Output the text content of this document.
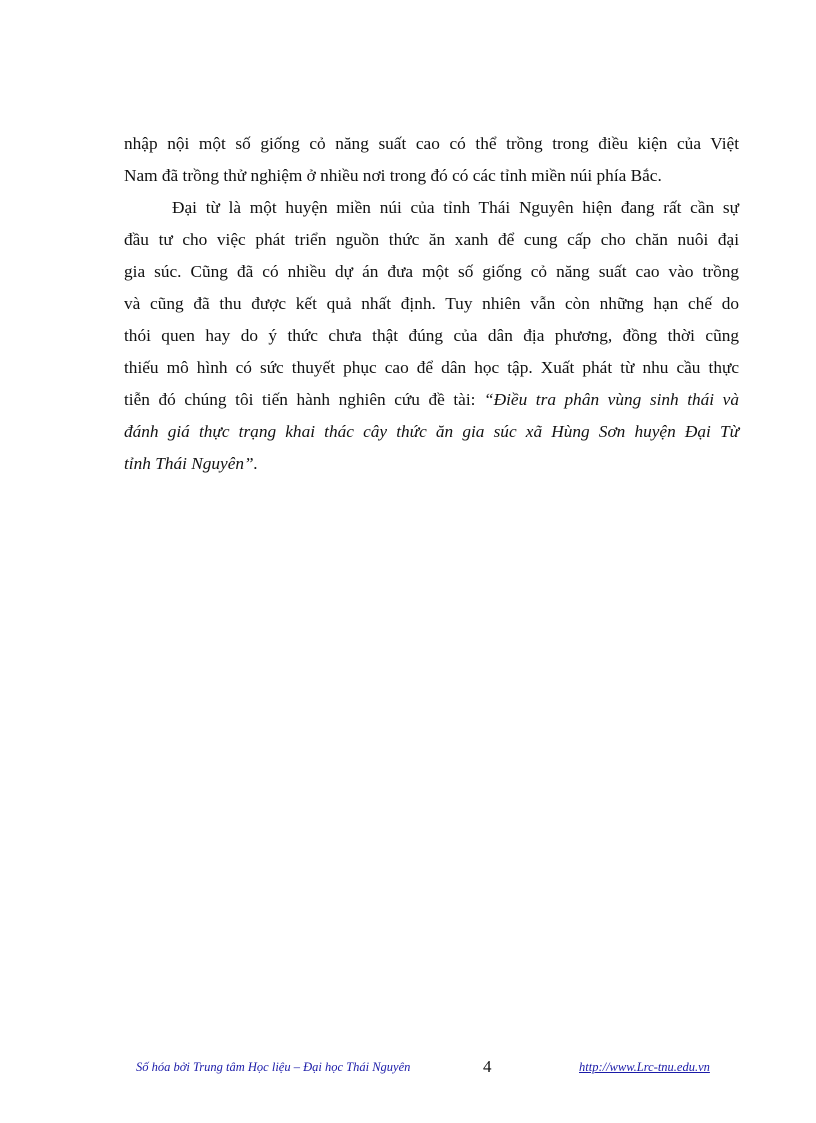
nhập nội một số giống cỏ năng suất cao có thể trồng trong điều kiện của Việt
Nam đã trồng thử nghiệm ở nhiều nơi trong đó có các tỉnh miền núi phía Bắc.
Đại từ là một huyện miền núi của tỉnh Thái Nguyên hiện đang rất cần sự
đầu tư cho việc phát triển nguồn thức ăn xanh để cung cấp cho chăn nuôi đại
gia súc. Cũng đã có nhiều dự án đưa một số giống cỏ năng suất cao vào trồng
và cũng đã thu được kết quả nhất định. Tuy nhiên vẫn còn những hạn chế do
thói quen hay do ý thức chưa thật đúng của dân địa phương, đồng thời cũng
thiếu mô hình có sức thuyết phục cao để dân học tập. Xuất phát từ nhu cầu thực
tiễn đó chúng tôi tiến hành nghiên cứu đề tài: “Điều tra phân vùng sinh thái và
đánh giá thực trạng khai thác cây thức ăn gia súc xã Hùng Sơn huyện Đại Từ
tỉnh Thái Nguyên”.
Số hóa bởi Trung tâm Học liệu – Đại học Thái Nguyên	4	http://www.Lrc-tnu.edu.vn
